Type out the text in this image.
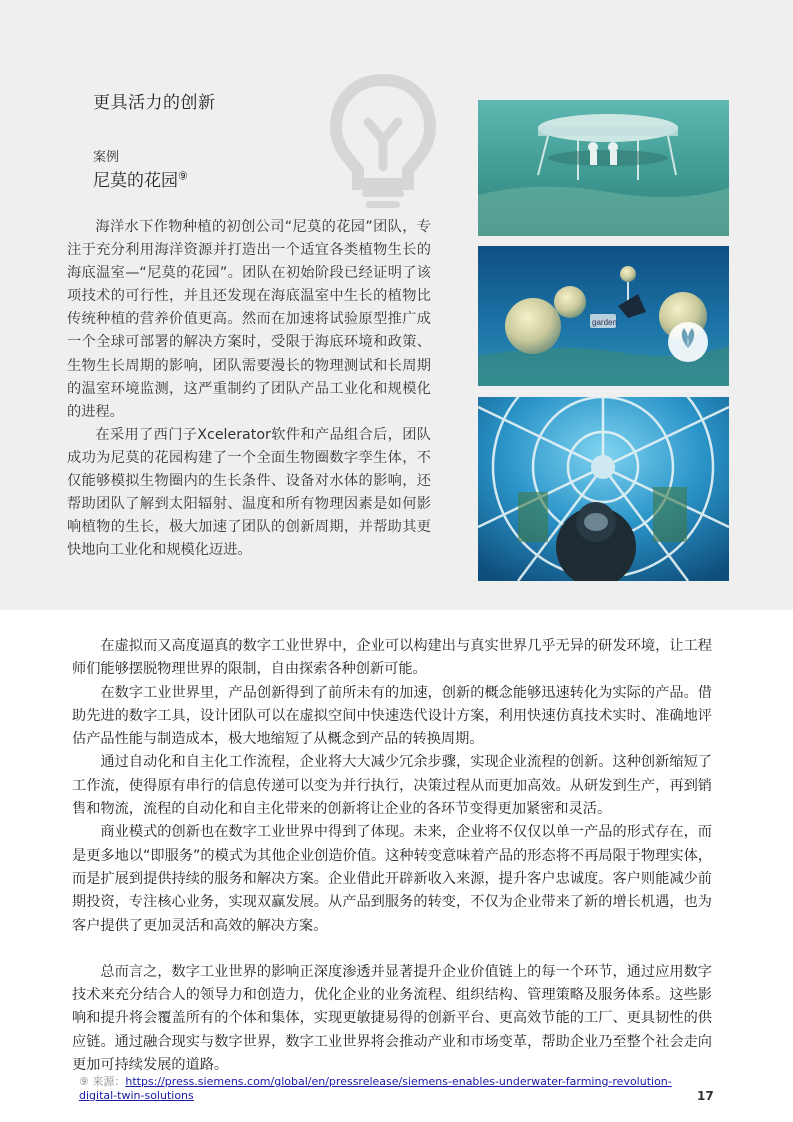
更具活力的创新
案例
尼莫的花园⑨

海洋水下作物种植的初创公司“尼莫的花园”团队，专注于充分利用海洋资源并打造出一个适宜各类植物生长的海底温室—“尼莫的花园”。团队在初始阶段已经证明了该项技术的可行性，并且还发现在海底温室中生长的植物比传统种植的营养价值更高。然而在加速将试验原型推广成一个全球可部署的解决方案时，受限于海底环境和政策、生物生长周期的影响，团队需要漫长的物理测试和长周期的温室环境监测，这严重制约了团队产品工业化和规模化的进程。

在采用了西门子Xcelerator软件和产品组合后，团队成功为尼莫的花园构建了一个全面生物圈数字孪生体，不仅能够模拟生物圈内的生长条件、设备对水体的影响，还帮助团队了解到太阳辐射、温度和所有物理因素是如何影响植物的生长，极大加速了团队的创新周期，并帮助其更快地向工业化和规模化迈进。

garden

在虚拟而又高度逼真的数字工业世界中，企业可以构建出与真实世界几乎无异的研发环境，让工程师们能够摆脱物理世界的限制，自由探索各种创新可能。

在数字工业世界里，产品创新得到了前所未有的加速，创新的概念能够迅速转化为实际的产品。借助先进的数字工具，设计团队可以在虚拟空间中快速迭代设计方案，利用快速仿真技术实时、准确地评估产品性能与制造成本，极大地缩短了从概念到产品的转换周期。

通过自动化和自主化工作流程，企业将大大减少冗余步骤，实现企业流程的创新。这种创新缩短了工作流，使得原有串行的信息传递可以变为并行执行，决策过程从而更加高效。从研发到生产，再到销售和物流，流程的自动化和自主化带来的创新将让企业的各环节变得更加紧密和灵活。

商业模式的创新也在数字工业世界中得到了体现。未来，企业将不仅仅以单一产品的形式存在，而是更多地以“即服务”的模式为其他企业创造价值。这种转变意味着产品的形态将不再局限于物理实体，而是扩展到提供持续的服务和解决方案。企业借此开辟新收入来源，提升客户忠诚度。客户则能减少前期投资，专注核心业务，实现双赢发展。从产品到服务的转变，不仅为企业带来了新的增长机遇，也为客户提供了更加灵活和高效的解决方案。

总而言之，数字工业世界的影响正深度渗透并显著提升企业价值链上的每一个环节，通过应用数字技术来充分结合人的领导力和创造力，优化企业的业务流程、组织结构、管理策略及服务体系。这些影响和提升将会覆盖所有的个体和集体，实现更敏捷易得的创新平台、更高效节能的工厂、更具韧性的供应链。通过融合现实与数字世界，数字工业世界将会推动产业和市场变革，帮助企业乃至整个社会走向更加可持续发展的道路。

⑨ 来源：https://press.siemens.com/global/en/pressrelease/siemens-enables-underwater-farming-revolution-digital-twin-solutions	17
